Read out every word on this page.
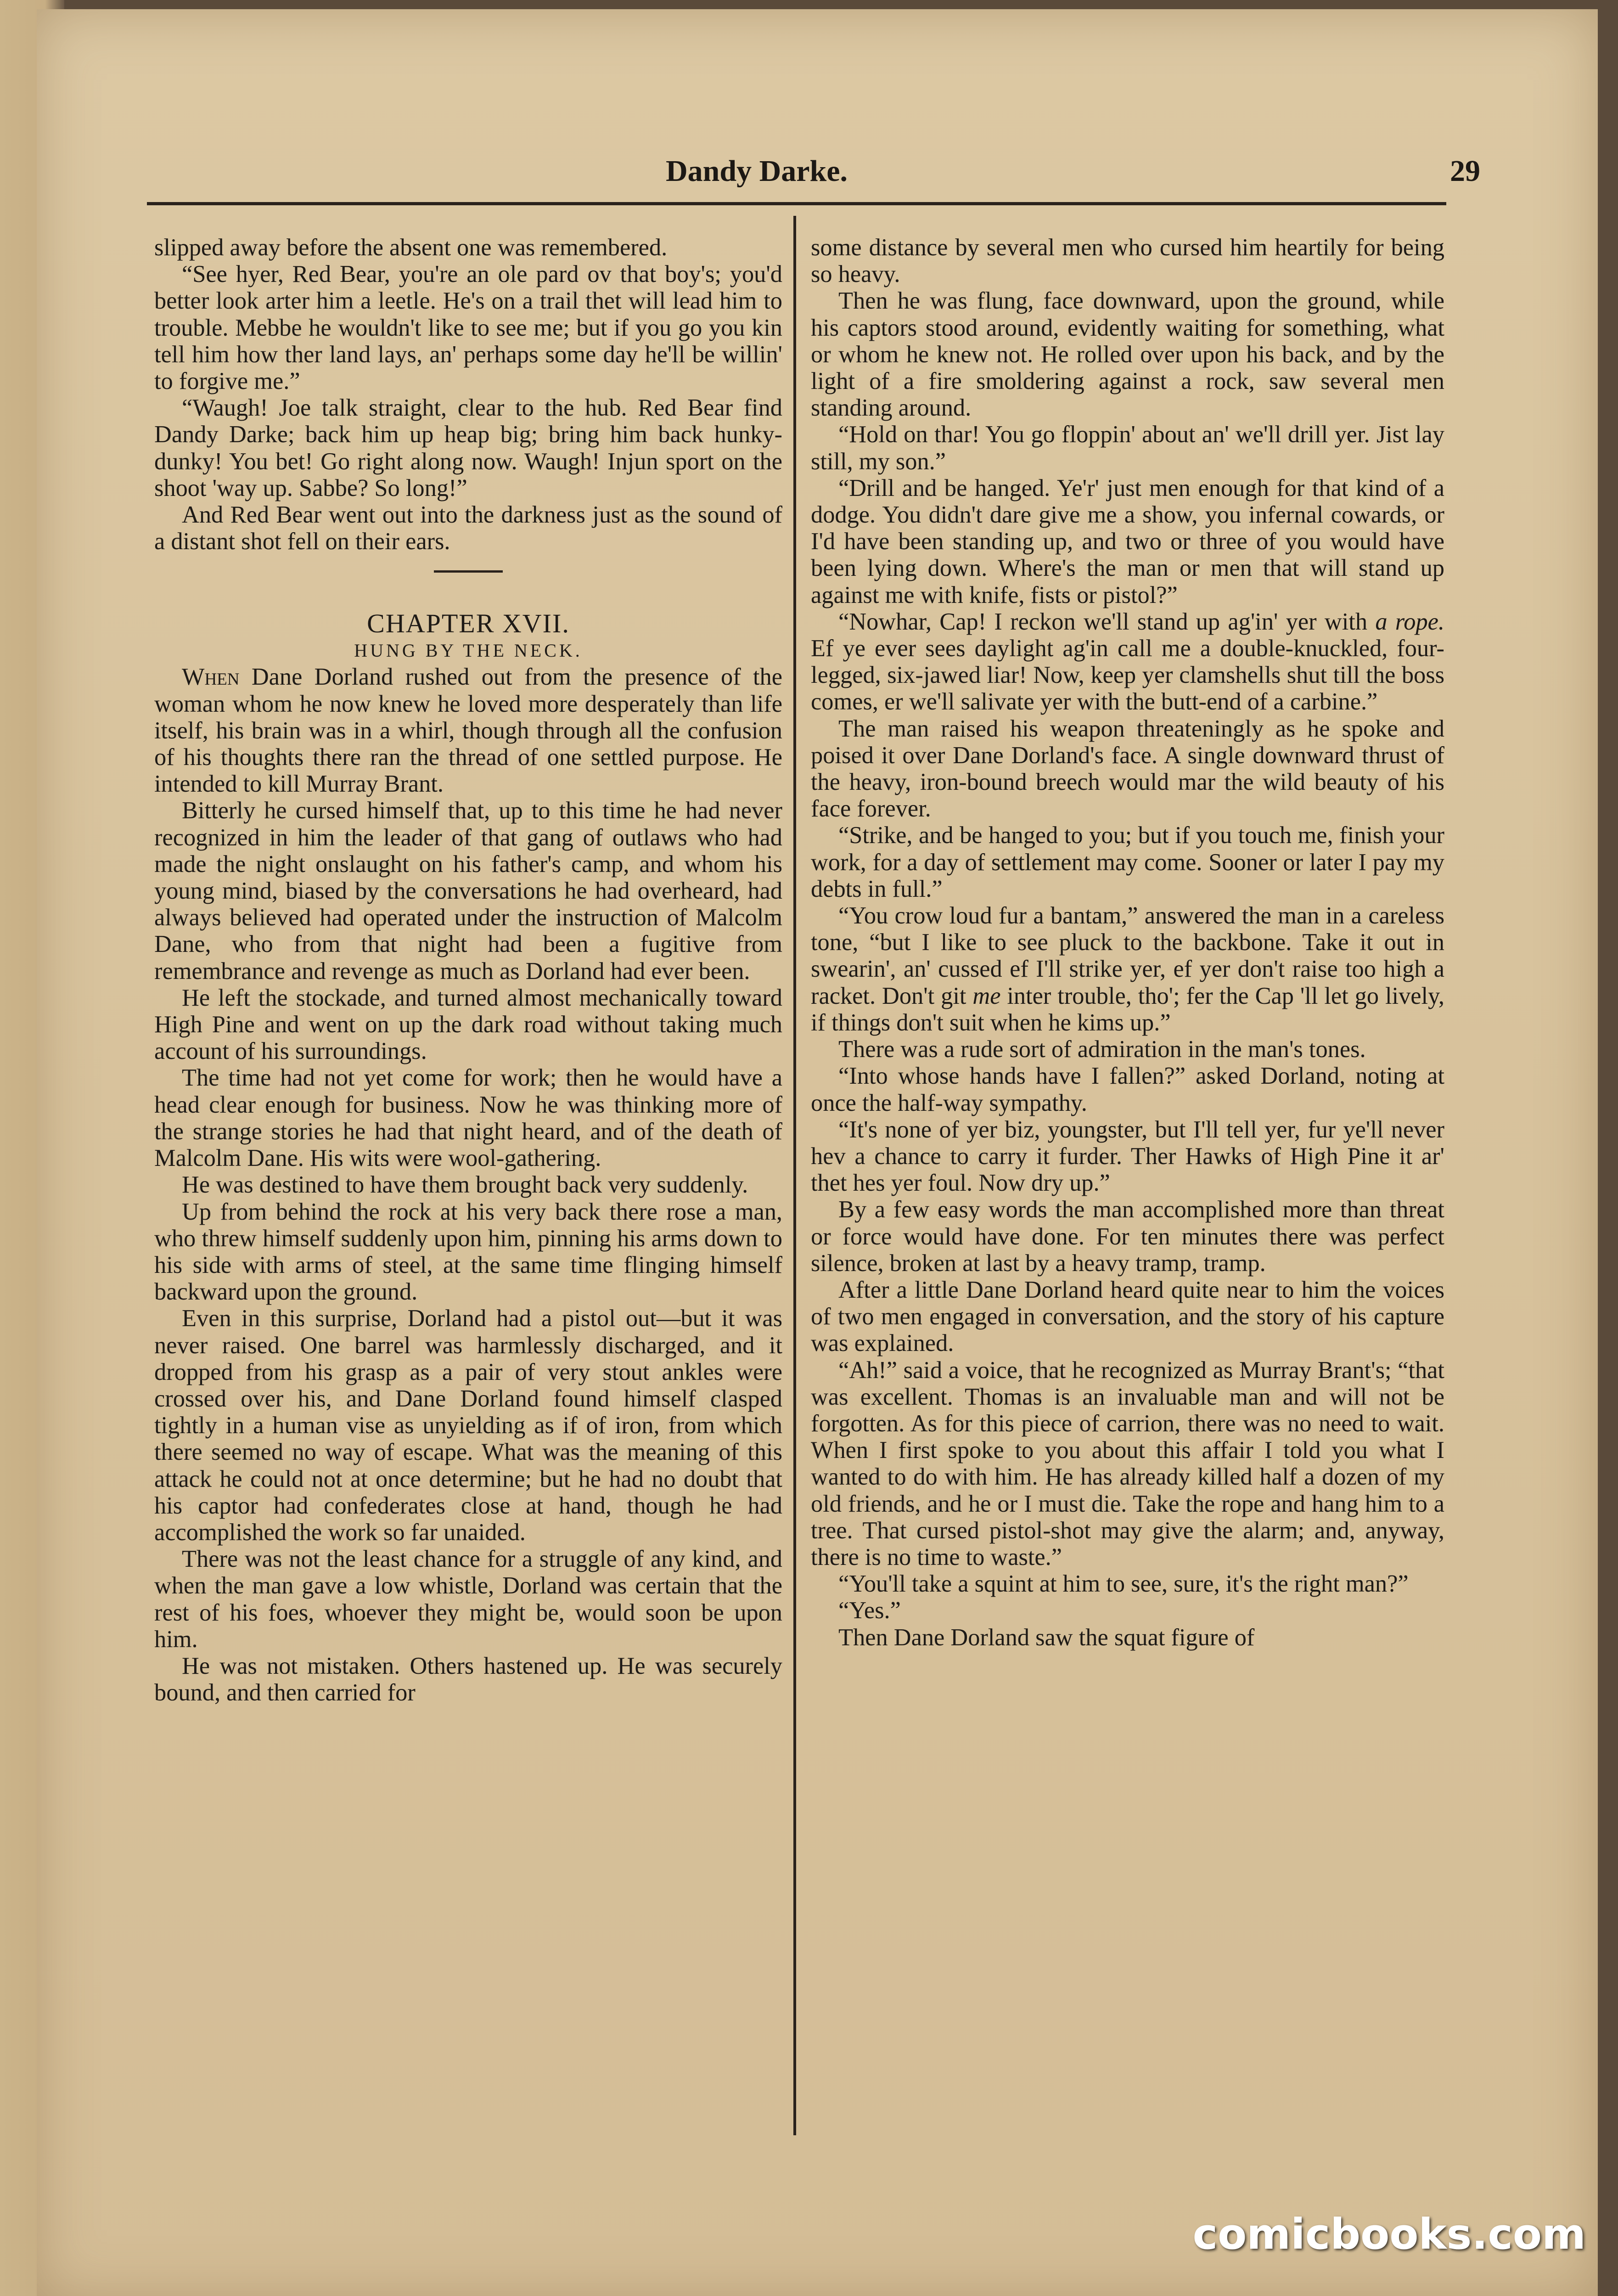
Dandy Darke.	29

slipped away before the absent one was remembered.

“See hyer, Red Bear, you're an ole pard ov that boy's; you'd better look arter him a leetle. He's on a trail thet will lead him to trouble. Mebbe he wouldn't like to see me; but if you go you kin tell him how ther land lays, an' perhaps some day he'll be willin' to forgive me.”

“Waugh! Joe talk straight, clear to the hub. Red Bear find Dandy Darke; back him up heap big; bring him back hunky-dunky! You bet! Go right along now. Waugh! Injun sport on the shoot 'way up. Sabbe? So long!”

And Red Bear went out into the darkness just as the sound of a distant shot fell on their ears.

CHAPTER XVII.
HUNG BY THE NECK.

When Dane Dorland rushed out from the presence of the woman whom he now knew he loved more desperately than life itself, his brain was in a whirl, though through all the confusion of his thoughts there ran the thread of one settled purpose. He intended to kill Murray Brant.

Bitterly he cursed himself that, up to this time he had never recognized in him the leader of that gang of outlaws who had made the night onslaught on his father's camp, and whom his young mind, biased by the conversations he had overheard, had always believed had operated under the instruction of Malcolm Dane, who from that night had been a fugitive from remembrance and revenge as much as Dorland had ever been.

He left the stockade, and turned almost mechanically toward High Pine and went on up the dark road without taking much account of his surroundings.

The time had not yet come for work; then he would have a head clear enough for business. Now he was thinking more of the strange stories he had that night heard, and of the death of Malcolm Dane. His wits were wool-gathering.

He was destined to have them brought back very suddenly.

Up from behind the rock at his very back there rose a man, who threw himself suddenly upon him, pinning his arms down to his side with arms of steel, at the same time flinging himself backward upon the ground.

Even in this surprise, Dorland had a pistol out—but it was never raised. One barrel was harmlessly discharged, and it dropped from his grasp as a pair of very stout ankles were crossed over his, and Dane Dorland found himself clasped tightly in a human vise as unyielding as if of iron, from which there seemed no way of escape. What was the meaning of this attack he could not at once determine; but he had no doubt that his captor had confederates close at hand, though he had accomplished the work so far unaided.

There was not the least chance for a struggle of any kind, and when the man gave a low whistle, Dorland was certain that the rest of his foes, whoever they might be, would soon be upon him.

He was not mistaken. Others hastened up. He was securely bound, and then carried for

some distance by several men who cursed him heartily for being so heavy.

Then he was flung, face downward, upon the ground, while his captors stood around, evidently waiting for something, what or whom he knew not. He rolled over upon his back, and by the light of a fire smoldering against a rock, saw several men standing around.

“Hold on thar! You go floppin' about an' we'll drill yer. Jist lay still, my son.”

“Drill and be hanged. Ye'r' just men enough for that kind of a dodge. You didn't dare give me a show, you infernal cowards, or I'd have been standing up, and two or three of you would have been lying down. Where's the man or men that will stand up against me with knife, fists or pistol?”

“Nowhar, Cap! I reckon we'll stand up ag'in' yer with a rope. Ef ye ever sees daylight ag'in call me a double-knuckled, four-legged, six-jawed liar! Now, keep yer clamshells shut till the boss comes, er we'll salivate yer with the butt-end of a carbine.”

The man raised his weapon threateningly as he spoke and poised it over Dane Dorland's face. A single downward thrust of the heavy, iron-bound breech would mar the wild beauty of his face forever.

“Strike, and be hanged to you; but if you touch me, finish your work, for a day of settlement may come. Sooner or later I pay my debts in full.”

“You crow loud fur a bantam,” answered the man in a careless tone, “but I like to see pluck to the backbone. Take it out in swearin', an' cussed ef I'll strike yer, ef yer don't raise too high a racket. Don't git me inter trouble, tho'; fer the Cap 'll let go lively, if things don't suit when he kims up.”

There was a rude sort of admiration in the man's tones.

“Into whose hands have I fallen?” asked Dorland, noting at once the half-way sympathy.

“It's none of yer biz, youngster, but I'll tell yer, fur ye'll never hev a chance to carry it furder. Ther Hawks of High Pine it ar' thet hes yer foul. Now dry up.”

By a few easy words the man accomplished more than threat or force would have done. For ten minutes there was perfect silence, broken at last by a heavy tramp, tramp.

After a little Dane Dorland heard quite near to him the voices of two men engaged in conversation, and the story of his capture was explained.

“Ah!” said a voice, that he recognized as Murray Brant's; “that was excellent. Thomas is an invaluable man and will not be forgotten. As for this piece of carrion, there was no need to wait. When I first spoke to you about this affair I told you what I wanted to do with him. He has already killed half a dozen of my old friends, and he or I must die. Take the rope and hang him to a tree. That cursed pistol-shot may give the alarm; and, anyway, there is no time to waste.”

“You'll take a squint at him to see, sure, it's the right man?”

“Yes.”

Then Dane Dorland saw the squat figure of

comicbooks.com
